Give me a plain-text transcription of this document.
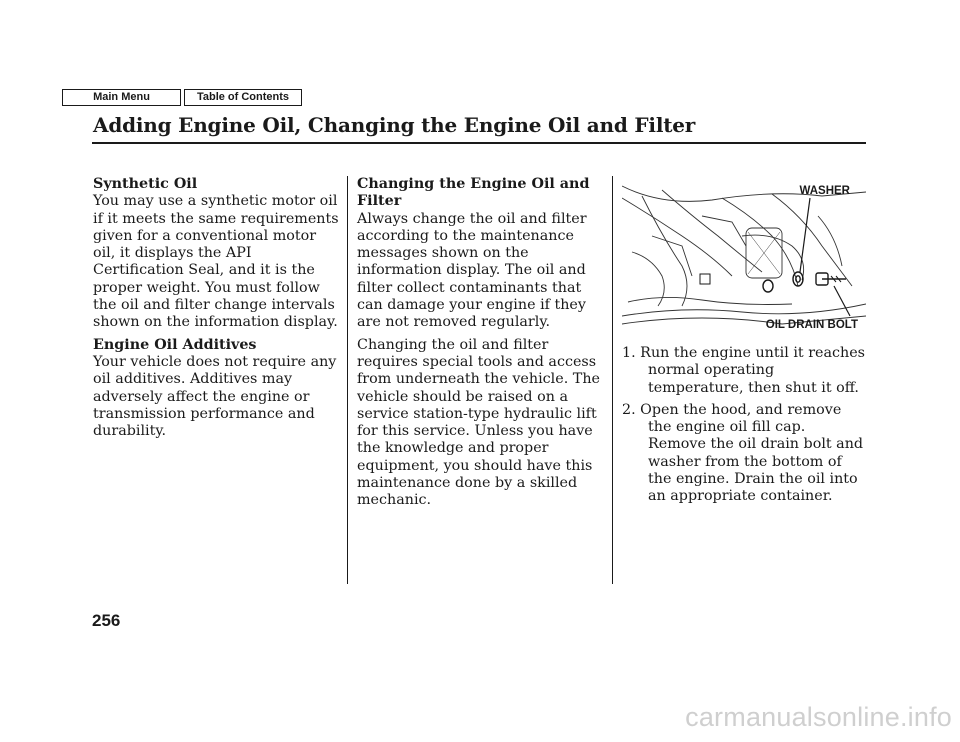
Main Menu	Table of Contents
Adding Engine Oil, Changing the Engine Oil and Filter
Synthetic Oil

You may use a synthetic motor oil if it meets the same requirements given for a conventional motor oil, it displays the API Certification Seal, and it is the proper weight. You must follow the oil and filter change intervals shown on the information display.

Engine Oil Additives

Your vehicle does not require any oil additives. Additives may adversely affect the engine or transmission performance and durability.

Changing the Engine Oil and Filter

Always change the oil and filter according to the maintenance messages shown on the information display. The oil and filter collect contaminants that can damage your engine if they are not removed regularly.

Changing the oil and filter requires special tools and access from underneath the vehicle. The vehicle should be raised on a service station-type hydraulic lift for this service. Unless you have the knowledge and proper equipment, you should have this maintenance done by a skilled mechanic.

WASHER
OIL DRAIN BOLT

1. Run the engine until it reaches normal operating temperature, then shut it off.

2. Open the hood, and remove the engine oil fill cap. Remove the oil drain bolt and washer from the bottom of the engine. Drain the oil into an appropriate container.

256
carmanualsonline.info
